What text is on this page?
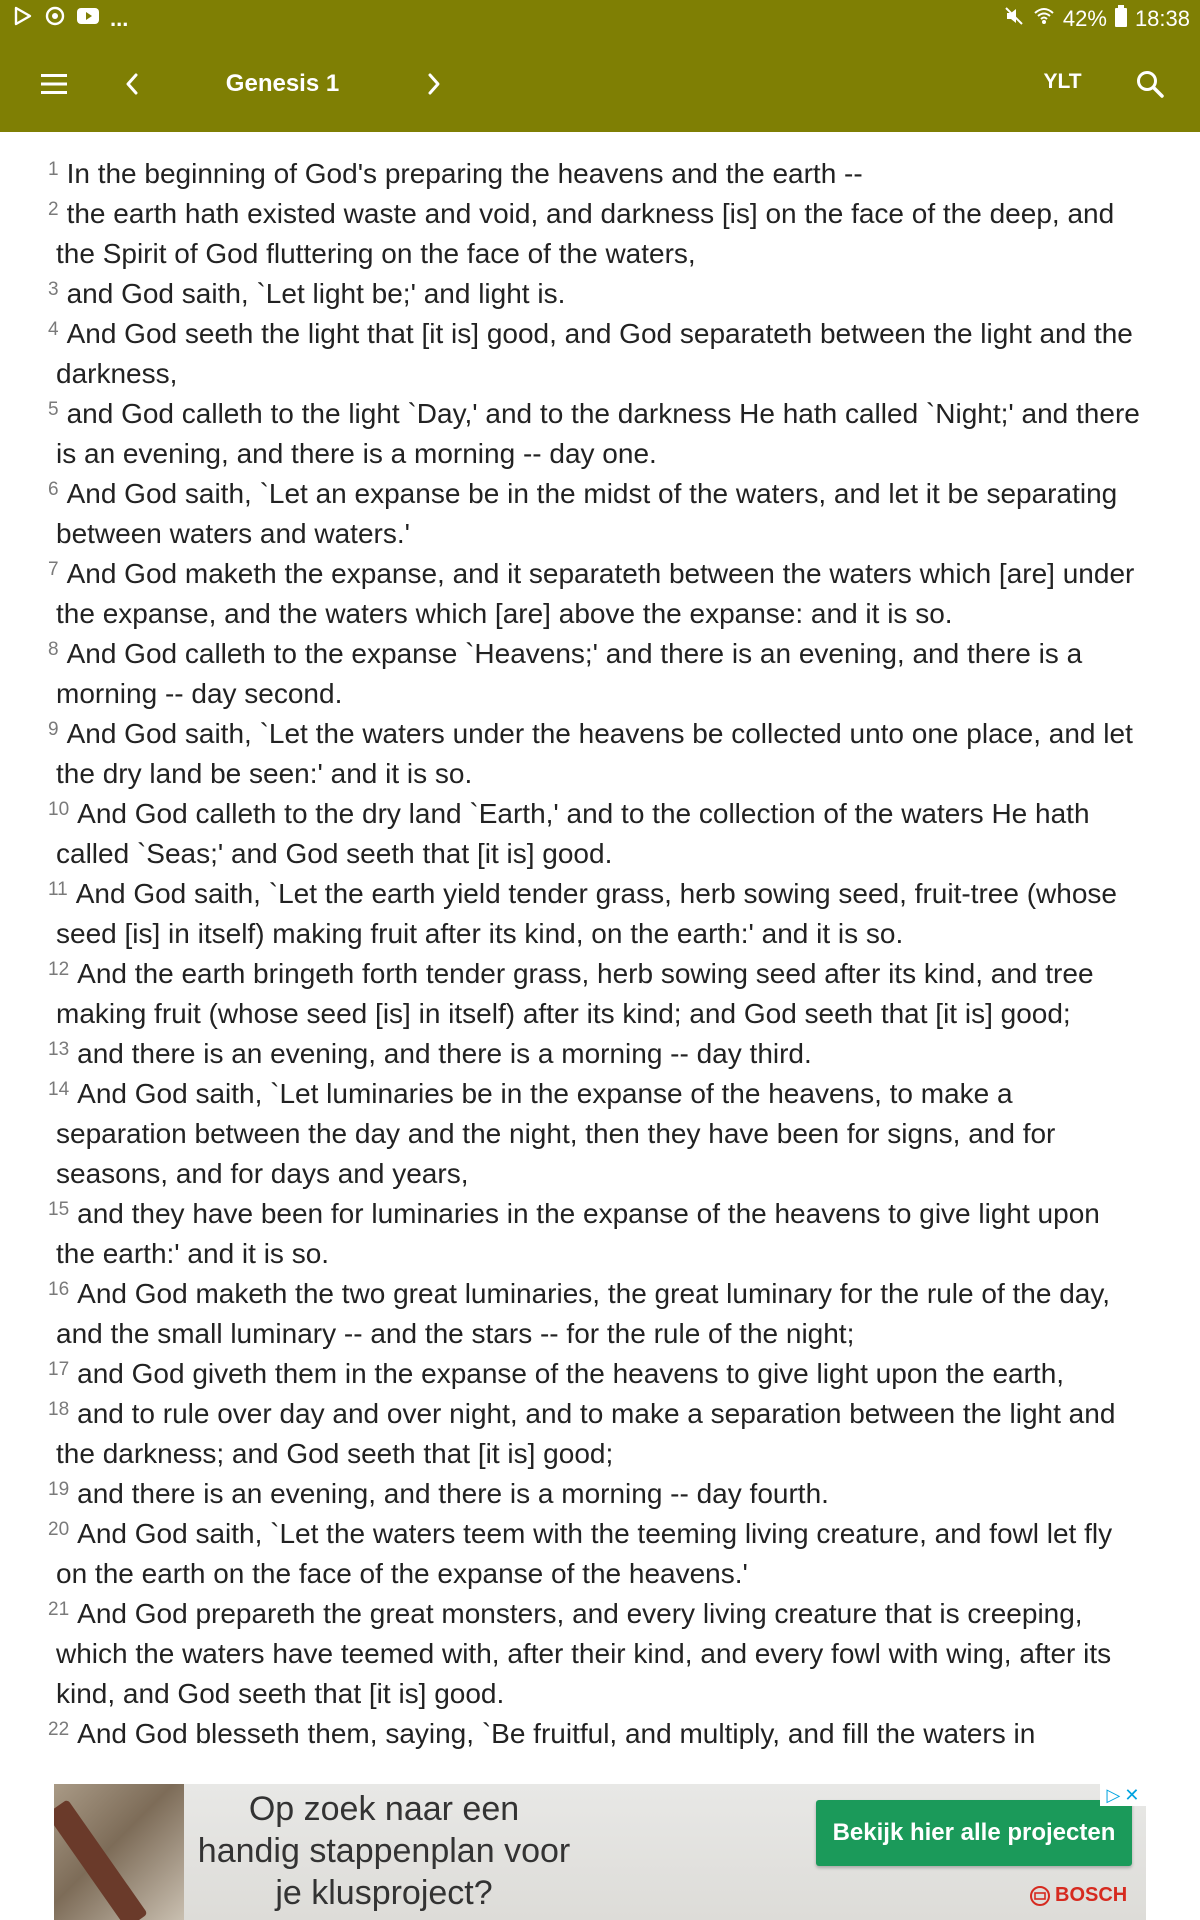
...	42% 18:38
Genesis 1	YLT

$^1$ In the beginning of God's preparing the heavens and the earth --

$^2$ the earth hath existed waste and void, and darkness [is] on the face of the deep, and the Spirit of God fluttering on the face of the waters,

$^3$ and God saith, `Let light be;' and light is.

$^4$ And God seeth the light that [it is] good, and God separateth between the light and the darkness,

$^5$ and God calleth to the light `Day,' and to the darkness He hath called `Night;' and there is an evening, and there is a morning -- day one.

$^6$ And God saith, `Let an expanse be in the midst of the waters, and let it be separating between waters and waters.'

$^7$ And God maketh the expanse, and it separateth between the waters which [are] under the expanse, and the waters which [are] above the expanse: and it is so.

$^8$ And God calleth to the expanse `Heavens;' and there is an evening, and there is a morning -- day second.

$^9$ And God saith, `Let the waters under the heavens be collected unto one place, and let the dry land be seen:' and it is so.

$^{10}$ And God calleth to the dry land `Earth,' and to the collection of the waters He hath called `Seas;' and God seeth that [it is] good.

$^{11}$ And God saith, `Let the earth yield tender grass, herb sowing seed, fruit-tree (whose seed [is] in itself) making fruit after its kind, on the earth:' and it is so.

$^{12}$ And the earth bringeth forth tender grass, herb sowing seed after its kind, and tree making fruit (whose seed [is] in itself) after its kind; and God seeth that [it is] good;

$^{13}$ and there is an evening, and there is a morning -- day third.

$^{14}$ And God saith, `Let luminaries be in the expanse of the heavens, to make a separation between the day and the night, then they have been for signs, and for seasons, and for days and years,

$^{15}$ and they have been for luminaries in the expanse of the heavens to give light upon the earth:' and it is so.

$^{16}$ And God maketh the two great luminaries, the great luminary for the rule of the day, and the small luminary -- and the stars -- for the rule of the night;

$^{17}$ and God giveth them in the expanse of the heavens to give light upon the earth,

$^{18}$ and to rule over day and over night, and to make a separation between the light and the darkness; and God seeth that [it is] good;

$^{19}$ and there is an evening, and there is a morning -- day fourth.

$^{20}$ And God saith, `Let the waters teem with the teeming living creature, and fowl let fly on the earth on the face of the expanse of the heavens.'

$^{21}$ And God prepareth the great monsters, and every living creature that is creeping, which the waters have teemed with, after their kind, and every fowl with wing, after its kind, and God seeth that [it is] good.

$^{22}$ And God blesseth them, saying, `Be fruitful, and multiply, and fill the waters in

Op zoek naar een handig stappenplan voor je klusproject?
Bekijk hier alle projecten
▷ ✕
BOSCH
